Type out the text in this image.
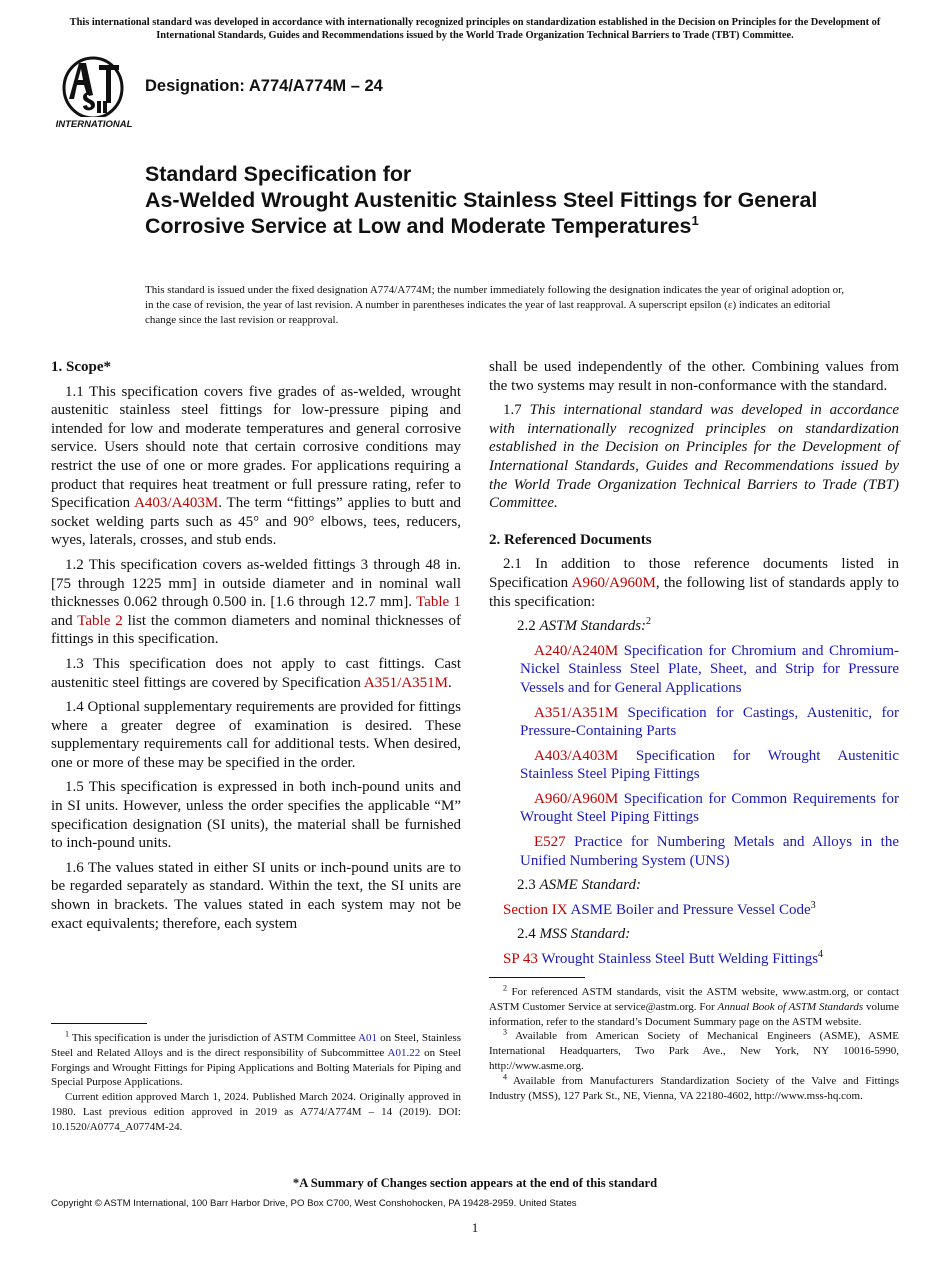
This international standard was developed in accordance with internationally recognized principles on standardization established in the Decision on Principles for the Development of International Standards, Guides and Recommendations issued by the World Trade Organization Technical Barriers to Trade (TBT) Committee.
INTERNATIONAL
Designation: A774/A774M – 24
Standard Specification for
As-Welded Wrought Austenitic Stainless Steel Fittings for General Corrosive Service at Low and Moderate Temperatures$^1$
This standard is issued under the fixed designation A774/A774M; the number immediately following the designation indicates the year of original adoption or, in the case of revision, the year of last revision. A number in parentheses indicates the year of last reapproval. A superscript epsilon (ε) indicates an editorial change since the last revision or reapproval.
1. Scope*

1.1 This specification covers five grades of as-welded, wrought austenitic stainless steel fittings for low-pressure piping and intended for low and moderate temperatures and general corrosive service. Users should note that certain corrosive conditions may restrict the use of one or more grades. For applications requiring a product that requires heat treatment or full pressure rating, refer to Specification A403/A403M. The term “fittings” applies to butt and socket welding parts such as 45° and 90° elbows, tees, reducers, wyes, laterals, crosses, and stub ends.

1.2 This specification covers as-welded fittings 3 through 48 in. [75 through 1225 mm] in outside diameter and in nominal wall thicknesses 0.062 through 0.500 in. [1.6 through 12.7 mm]. Table 1 and Table 2 list the common diameters and nominal thicknesses of fittings in this specification.

1.3 This specification does not apply to cast fittings. Cast austenitic steel fittings are covered by Specification A351/A351M.

1.4 Optional supplementary requirements are provided for fittings where a greater degree of examination is desired. These supplementary requirements call for additional tests. When desired, one or more of these may be specified in the order.

1.5 This specification is expressed in both inch-pound units and in SI units. However, unless the order specifies the applicable “M” specification designation (SI units), the material shall be furnished to inch-pound units.

1.6 The values stated in either SI units or inch-pound units are to be regarded separately as standard. Within the text, the SI units are shown in brackets. The values stated in each system may not be exact equivalents; therefore, each system

$^1$ This specification is under the jurisdiction of ASTM Committee A01 on Steel, Stainless Steel and Related Alloys and is the direct responsibility of Subcommittee A01.22 on Steel Forgings and Wrought Fittings for Piping Applications and Bolting Materials for Piping and Special Purpose Applications.

Current edition approved March 1, 2024. Published March 2024. Originally approved in 1980. Last previous edition approved in 2019 as A774/A774M – 14 (2019). DOI: 10.1520/A0774_A0774M-24.

shall be used independently of the other. Combining values from the two systems may result in non-conformance with the standard.

1.7 This international standard was developed in accordance with internationally recognized principles on standardization established in the Decision on Principles for the Development of International Standards, Guides and Recommendations issued by the World Trade Organization Technical Barriers to Trade (TBT) Committee.

2. Referenced Documents

2.1 In addition to those reference documents listed in Specification A960/A960M, the following list of standards apply to this specification:

2.2 ASTM Standards:$^2$

A240/A240M Specification for Chromium and Chromium-Nickel Stainless Steel Plate, Sheet, and Strip for Pressure Vessels and for General Applications

A351/A351M Specification for Castings, Austenitic, for Pressure-Containing Parts

A403/A403M Specification for Wrought Austenitic Stainless Steel Piping Fittings

A960/A960M Specification for Common Requirements for Wrought Steel Piping Fittings

E527 Practice for Numbering Metals and Alloys in the Unified Numbering System (UNS)

2.3 ASME Standard:

Section IX ASME Boiler and Pressure Vessel Code$^3$

2.4 MSS Standard:

SP 43 Wrought Stainless Steel Butt Welding Fittings$^4$

$^2$ For referenced ASTM standards, visit the ASTM website, www.astm.org, or contact ASTM Customer Service at service@astm.org. For Annual Book of ASTM Standards volume information, refer to the standard’s Document Summary page on the ASTM website.

$^3$ Available from American Society of Mechanical Engineers (ASME), ASME International Headquarters, Two Park Ave., New York, NY 10016-5990, http://www.asme.org.

$^4$ Available from Manufacturers Standardization Society of the Valve and Fittings Industry (MSS), 127 Park St., NE, Vienna, VA 22180-4602, http://www.mss-hq.com.

*A Summary of Changes section appears at the end of this standard
Copyright © ASTM International, 100 Barr Harbor Drive, PO Box C700, West Conshohocken, PA 19428-2959. United States
1
